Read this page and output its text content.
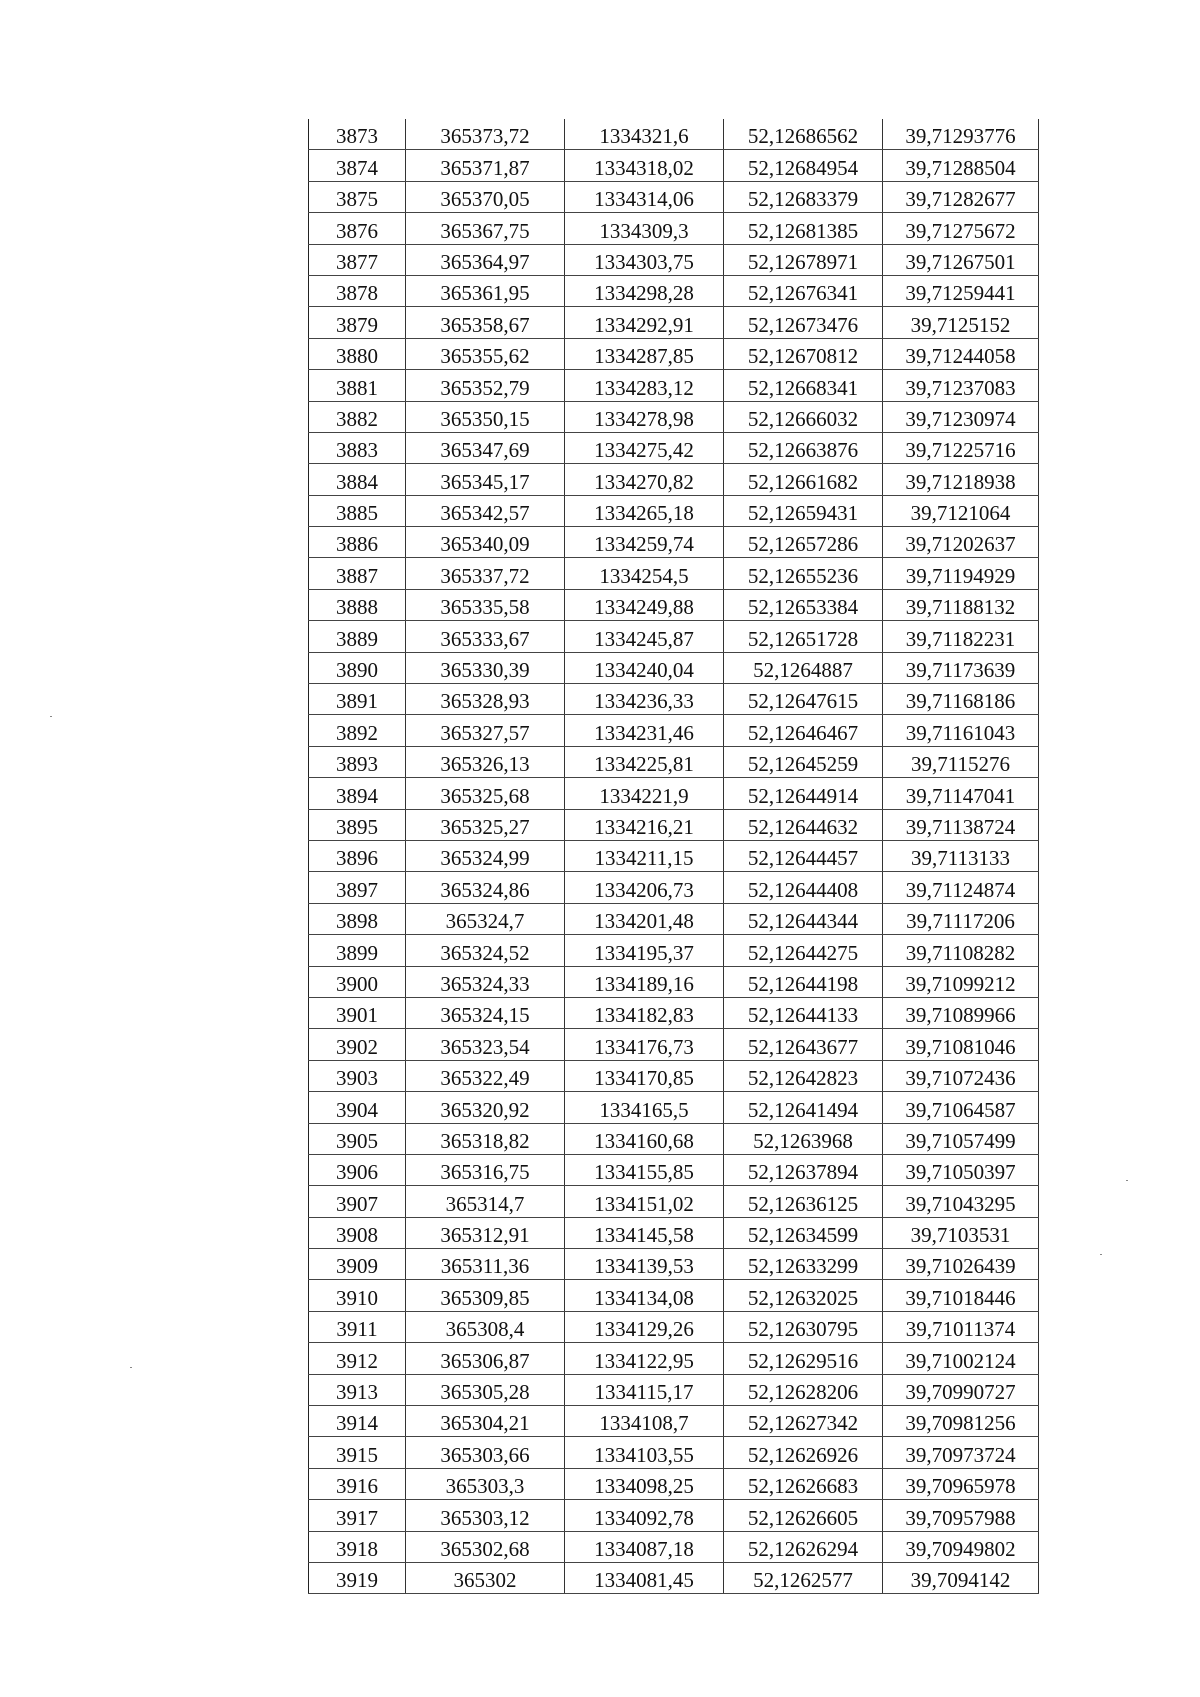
3873	365373,72	1334321,6	52,12686562	39,71293776
3874	365371,87	1334318,02	52,12684954	39,71288504
3875	365370,05	1334314,06	52,12683379	39,71282677
3876	365367,75	1334309,3	52,12681385	39,71275672
3877	365364,97	1334303,75	52,12678971	39,71267501
3878	365361,95	1334298,28	52,12676341	39,71259441
3879	365358,67	1334292,91	52,12673476	39,7125152
3880	365355,62	1334287,85	52,12670812	39,71244058
3881	365352,79	1334283,12	52,12668341	39,71237083
3882	365350,15	1334278,98	52,12666032	39,71230974
3883	365347,69	1334275,42	52,12663876	39,71225716
3884	365345,17	1334270,82	52,12661682	39,71218938
3885	365342,57	1334265,18	52,12659431	39,7121064
3886	365340,09	1334259,74	52,12657286	39,71202637
3887	365337,72	1334254,5	52,12655236	39,71194929
3888	365335,58	1334249,88	52,12653384	39,71188132
3889	365333,67	1334245,87	52,12651728	39,71182231
3890	365330,39	1334240,04	52,1264887	39,71173639
3891	365328,93	1334236,33	52,12647615	39,71168186
3892	365327,57	1334231,46	52,12646467	39,71161043
3893	365326,13	1334225,81	52,12645259	39,7115276
3894	365325,68	1334221,9	52,12644914	39,71147041
3895	365325,27	1334216,21	52,12644632	39,71138724
3896	365324,99	1334211,15	52,12644457	39,7113133
3897	365324,86	1334206,73	52,12644408	39,71124874
3898	365324,7	1334201,48	52,12644344	39,71117206
3899	365324,52	1334195,37	52,12644275	39,71108282
3900	365324,33	1334189,16	52,12644198	39,71099212
3901	365324,15	1334182,83	52,12644133	39,71089966
3902	365323,54	1334176,73	52,12643677	39,71081046
3903	365322,49	1334170,85	52,12642823	39,71072436
3904	365320,92	1334165,5	52,12641494	39,71064587
3905	365318,82	1334160,68	52,1263968	39,71057499
3906	365316,75	1334155,85	52,12637894	39,71050397
3907	365314,7	1334151,02	52,12636125	39,71043295
3908	365312,91	1334145,58	52,12634599	39,7103531
3909	365311,36	1334139,53	52,12633299	39,71026439
3910	365309,85	1334134,08	52,12632025	39,71018446
3911	365308,4	1334129,26	52,12630795	39,71011374
3912	365306,87	1334122,95	52,12629516	39,71002124
3913	365305,28	1334115,17	52,12628206	39,70990727
3914	365304,21	1334108,7	52,12627342	39,70981256
3915	365303,66	1334103,55	52,12626926	39,70973724
3916	365303,3	1334098,25	52,12626683	39,70965978
3917	365303,12	1334092,78	52,12626605	39,70957988
3918	365302,68	1334087,18	52,12626294	39,70949802
3919	365302	1334081,45	52,1262577	39,7094142
